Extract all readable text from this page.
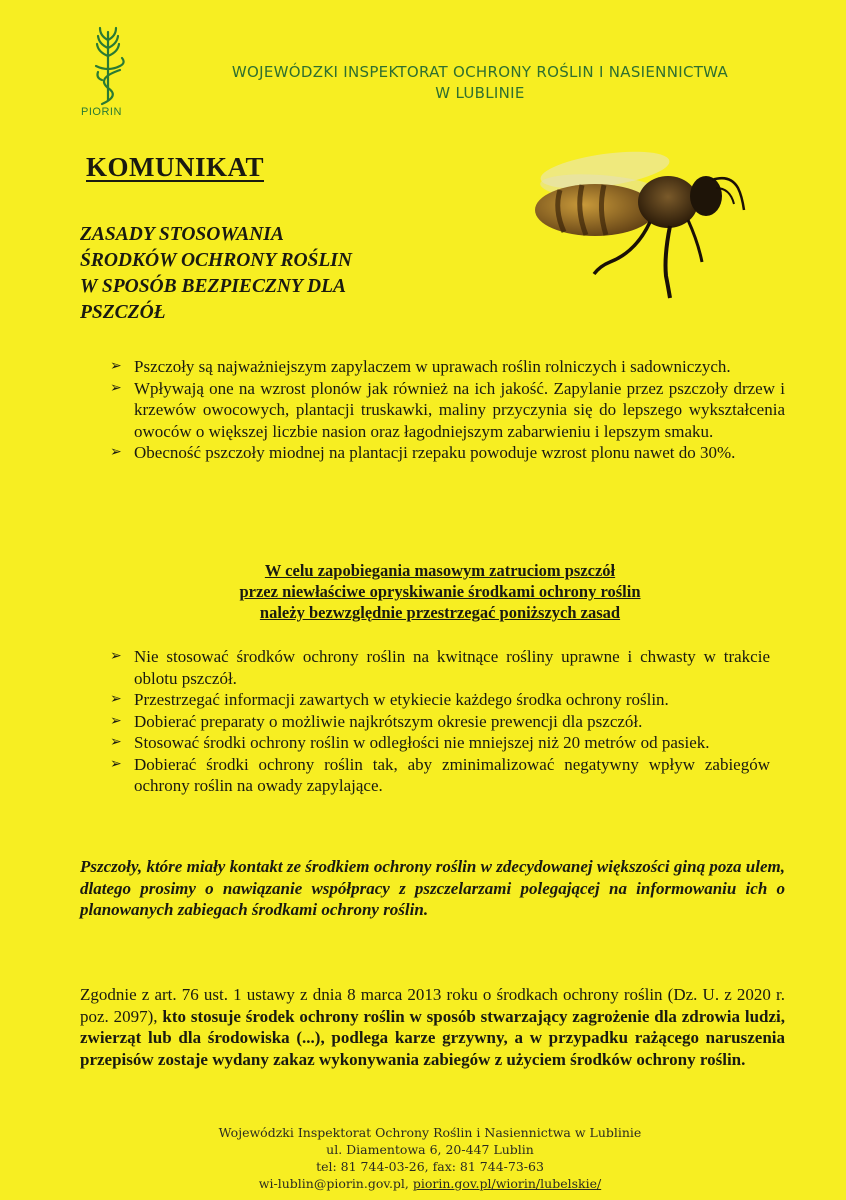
PIORIN
WOJEWÓDZKI INSPEKTORAT OCHRONY ROŚLIN I NASIENNICTWA
W LUBLINIE
KOMUNIKAT
ZASADY STOSOWANIA
ŚRODKÓW OCHRONY ROŚLIN
W SPOSÓB BEZPIECZNY DLA
PSZCZÓŁ
➢ Pszczoły są najważniejszym zapylaczem w uprawach roślin rolniczych i sadowniczych.
➢ Wpływają one na wzrost plonów jak również na ich jakość. Zapylanie przez pszczoły drzew i krzewów owocowych, plantacji truskawki, maliny przyczynia się do lepszego wykształcenia owoców o większej liczbie nasion oraz łagodniejszym zabarwieniu i lepszym smaku.
➢ Obecność pszczoły miodnej na plantacji rzepaku powoduje wzrost plonu nawet do 30%.
W celu zapobiegania masowym zatruciom pszczół
przez niewłaściwe opryskiwanie środkami ochrony roślin
należy bezwzględnie przestrzegać poniższych zasad
➢ Nie stosować środków ochrony roślin na kwitnące rośliny uprawne i chwasty w trakcie oblotu pszczół.
➢ Przestrzegać informacji zawartych w etykiecie każdego środka ochrony roślin.
➢ Dobierać preparaty o możliwie najkrótszym okresie prewencji dla pszczół.
➢ Stosować środki ochrony roślin w odległości nie mniejszej niż 20 metrów od pasiek.
➢ Dobierać środki ochrony roślin tak, aby zminimalizować negatywny wpływ zabiegów ochrony roślin na owady zapylające.
Pszczoły, które miały kontakt ze środkiem ochrony roślin w zdecydowanej większości giną poza ulem, dlatego prosimy o nawiązanie współpracy z pszczelarzami polegającej na informowaniu ich o planowanych zabiegach środkami ochrony roślin.
Zgodnie z art. 76 ust. 1 ustawy z dnia 8 marca 2013 roku o środkach ochrony roślin (Dz. U. z 2020 r. poz. 2097), kto stosuje środek ochrony roślin w sposób stwarzający zagrożenie dla zdrowia ludzi, zwierząt lub dla środowiska (...), podlega karze grzywny, a w przypadku rażącego naruszenia przepisów zostaje wydany zakaz wykonywania zabiegów z użyciem środków ochrony roślin.
Wojewódzki Inspektorat Ochrony Roślin i Nasiennictwa w Lublinie
ul. Diamentowa 6, 20-447 Lublin
tel: 81 744-03-26, fax: 81 744-73-63
wi-lublin@piorin.gov.pl, piorin.gov.pl/wiorin/lubelskie/
